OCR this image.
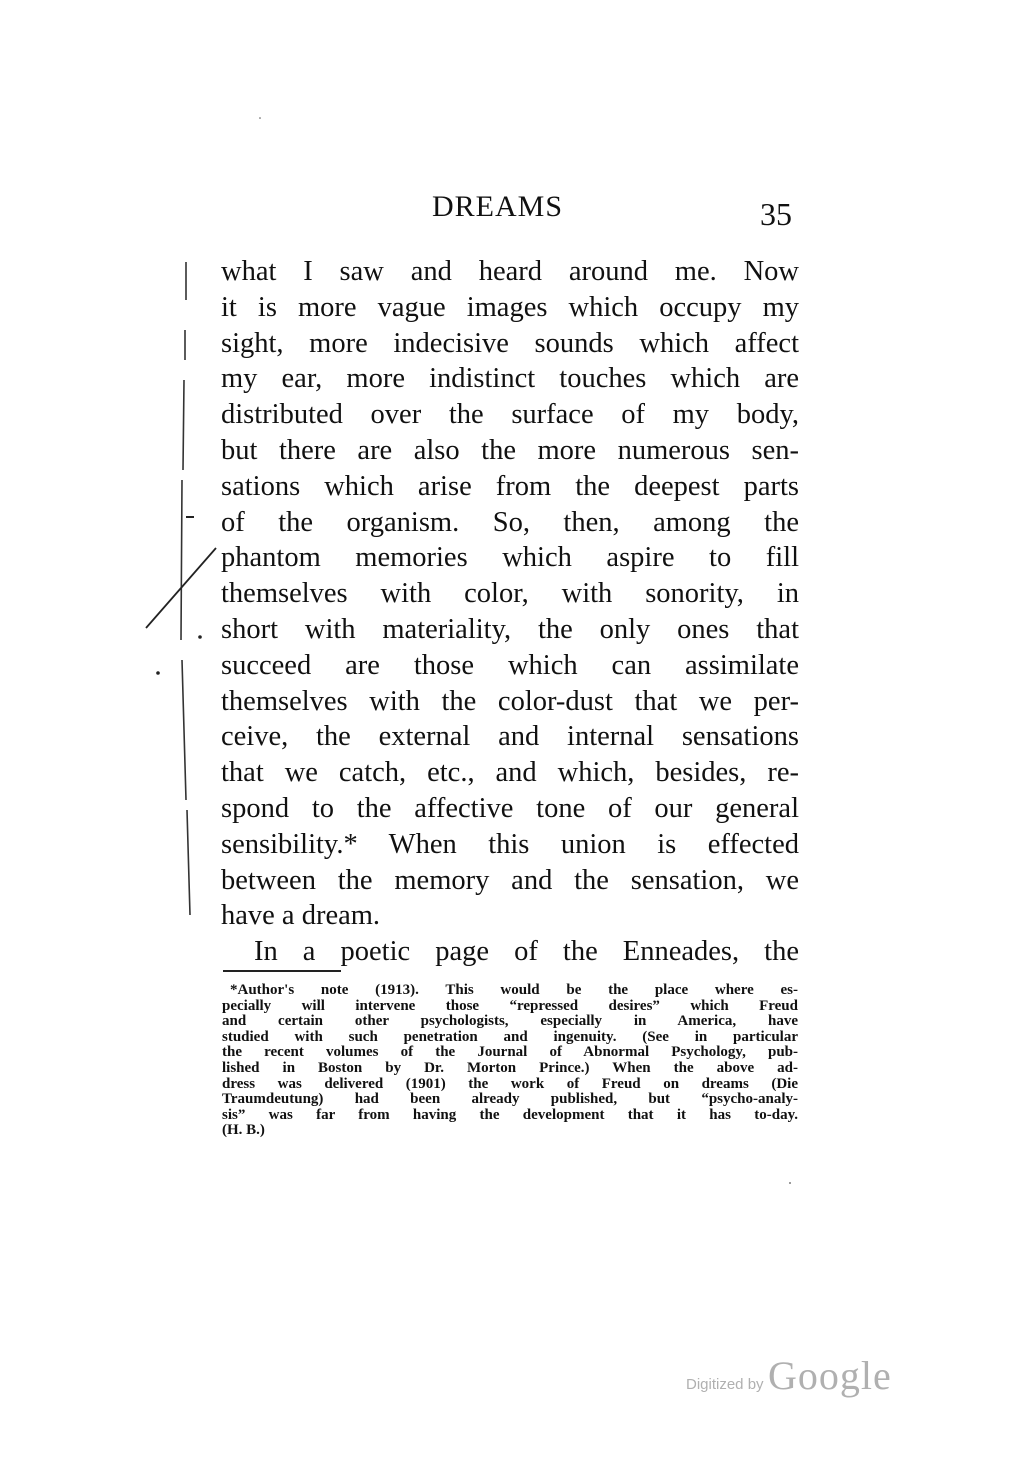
DREAMS	35
what I saw and heard around me. Now
it is more vague images which occupy my
sight, more indecisive sounds which affect
my ear, more indistinct touches which are
distributed over the surface of my body,
but there are also the more numerous sen-
sations which arise from the deepest parts
of the organism. So, then, among the
phantom memories which aspire to fill
themselves with color, with sonority, in
short with materiality, the only ones that
succeed are those which can assimilate
themselves with the color-dust that we per-
ceive, the external and internal sensations
that we catch, etc., and which, besides, re-
spond to the affective tone of our general
sensibility.* When this union is effected
between the memory and the sensation, we
have a dream.
In a poetic page of the Enneades, the
*Author's note (1913). This would be the place where es-
pecially will intervene those “repressed desires” which Freud
and certain other psychologists, especially in America, have
studied with such penetration and ingenuity. (See in particular
the recent volumes of the Journal of Abnormal Psychology, pub-
lished in Boston by Dr. Morton Prince.) When the above ad-
dress was delivered (1901) the work of Freud on dreams (Die
Traumdeutung) had been already published, but “psycho-analy-
sis” was far from having the development that it has to-day.
(H. B.)
Digitized by Google
